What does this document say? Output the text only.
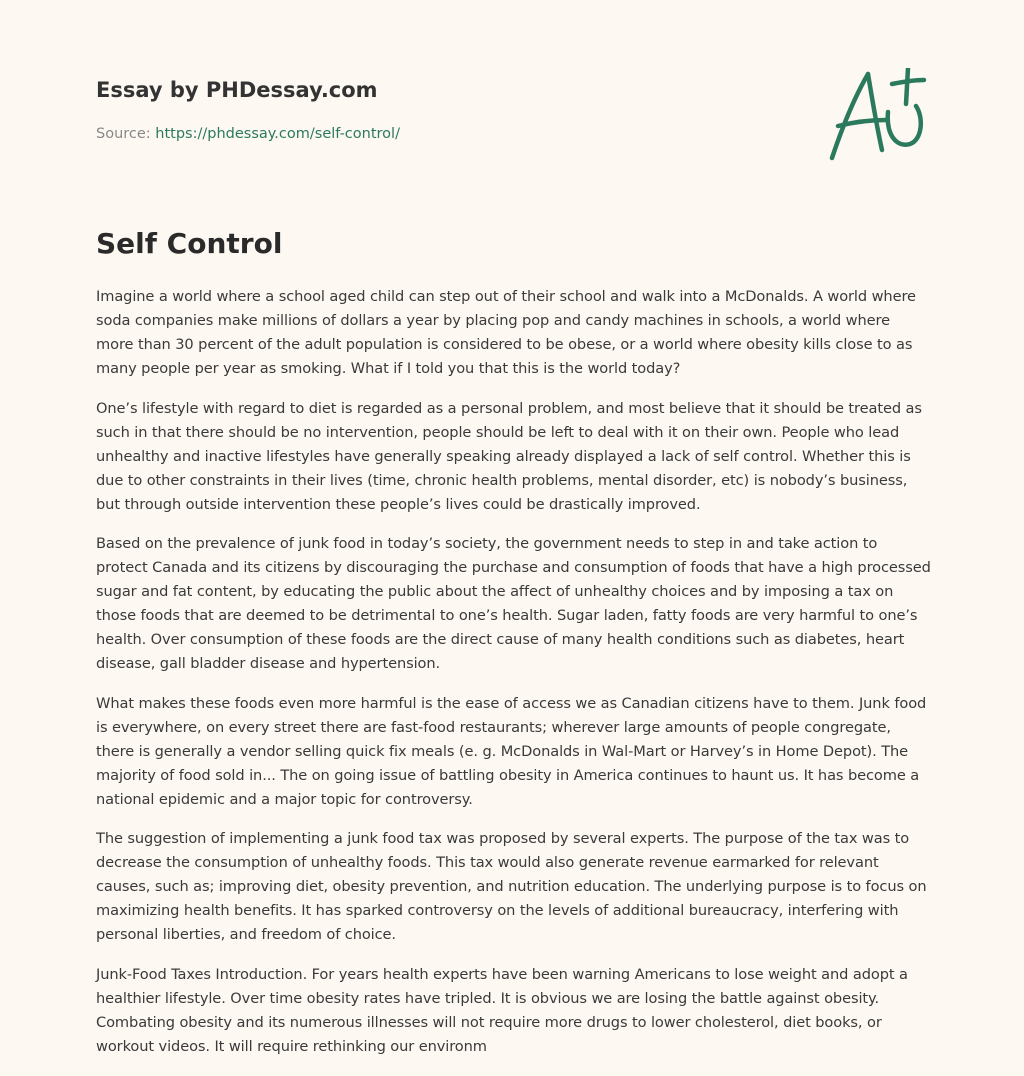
Essay by PHDessay.com
Source: https://phdessay.com/self-control/
Self Control

Imagine a world where a school aged child can step out of their school and walk into a McDonalds. A world where soda companies make millions of dollars a year by placing pop and candy machines in schools, a world where more than 30 percent of the adult population is considered to be obese, or a world where obesity kills close to as many people per year as smoking. What if I told you that this is the world today?

One’s lifestyle with regard to diet is regarded as a personal problem, and most believe that it should be treated as such in that there should be no intervention, people should be left to deal with it on their own. People who lead unhealthy and inactive lifestyles have generally speaking already displayed a lack of self control. Whether this is due to other constraints in their lives (time, chronic health problems, mental disorder, etc) is nobody’s business, but through outside intervention these people’s lives could be drastically improved.

Based on the prevalence of junk food in today’s society, the government needs to step in and take action to protect Canada and its citizens by discouraging the purchase and consumption of foods that have a high processed sugar and fat content, by educating the public about the affect of unhealthy choices and by imposing a tax on those foods that are deemed to be detrimental to one’s health. Sugar laden, fatty foods are very harmful to one’s health. Over consumption of these foods are the direct cause of many health conditions such as diabetes, heart disease, gall bladder disease and hypertension.

What makes these foods even more harmful is the ease of access we as Canadian citizens have to them. Junk food is everywhere, on every street there are fast-food restaurants; wherever large amounts of people congregate, there is generally a vendor selling quick fix meals (e. g. McDonalds in Wal-Mart or Harvey’s in Home Depot). The majority of food sold in... The on going issue of battling obesity in America continues to haunt us. It has become a national epidemic and a major topic for controversy.

The suggestion of implementing a junk food tax was proposed by several experts. The purpose of the tax was to decrease the consumption of unhealthy foods. This tax would also generate revenue earmarked for relevant causes, such as; improving diet, obesity prevention, and nutrition education. The underlying purpose is to focus on maximizing health benefits. It has sparked controversy on the levels of additional bureaucracy, interfering with personal liberties, and freedom of choice.

Junk-Food Taxes Introduction. For years health experts have been warning Americans to lose weight and adopt a healthier lifestyle. Over time obesity rates have tripled. It is obvious we are losing the battle against obesity. Combating obesity and its numerous illnesses will not require more drugs to lower cholesterol, diet books, or workout videos. It will require rethinking our environm
